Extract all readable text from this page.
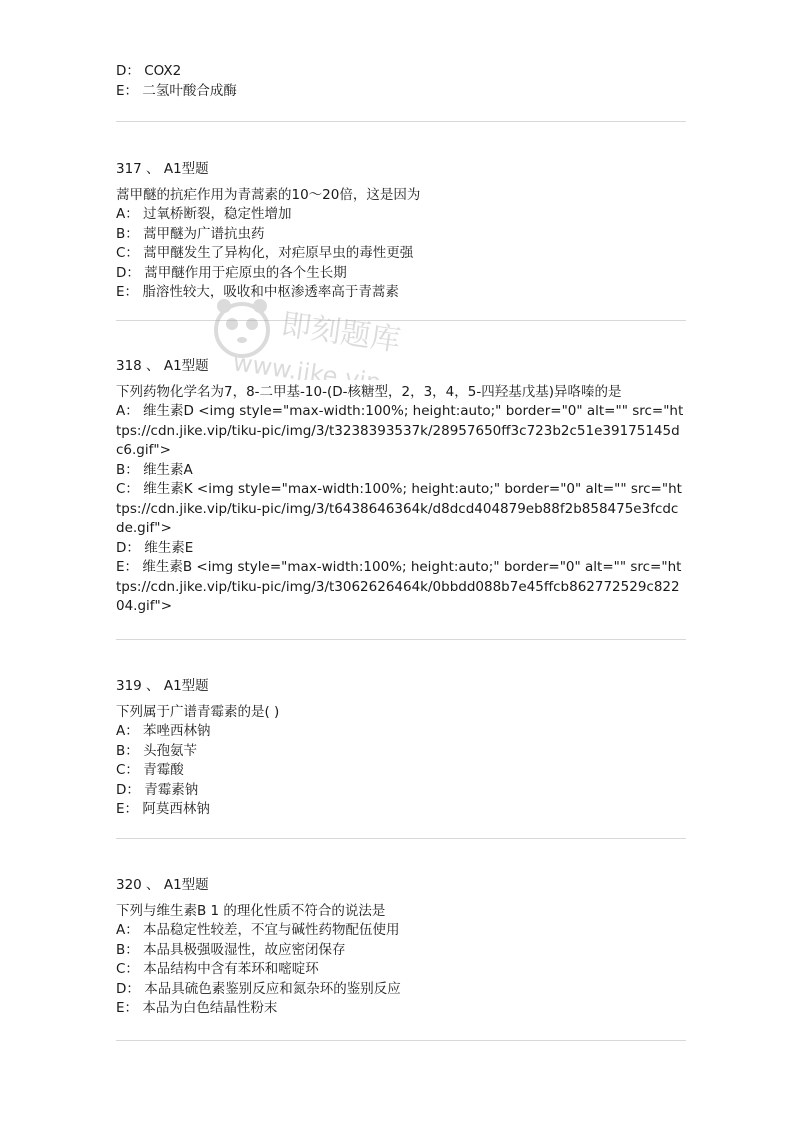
D： COX2
E： 二氢叶酸合成酶
317 、 A1型题
蒿甲醚的抗疟作用为青蒿素的10～20倍，这是因为
A： 过氧桥断裂，稳定性增加
B： 蒿甲醚为广谱抗虫药
C： 蒿甲醚发生了异构化，对疟原早虫的毒性更强
D： 蒿甲醚作用于疟原虫的各个生长期
E： 脂溶性较大，吸收和中枢渗透率高于青蒿素
318 、 A1型题
下列药物化学名为7，8-二甲基-10-(D-核糖型，2，3，4，5-四羟基戊基)异咯嗪的是
A： 维生素D <img style="max-width:100%; height:auto;" border="0" alt="" src="https://cdn.jike.vip/tiku-pic/img/3/t3238393537k/28957650ff3c723b2c51e39175145dc6.gif">
B： 维生素A
C： 维生素K <img style="max-width:100%; height:auto;" border="0" alt="" src="https://cdn.jike.vip/tiku-pic/img/3/t6438646364k/d8dcd404879eb88f2b858475e3fcdcde.gif">
D： 维生素E
E： 维生素B <img style="max-width:100%; height:auto;" border="0" alt="" src="https://cdn.jike.vip/tiku-pic/img/3/t3062626464k/0bbdd088b7e45ffcb862772529c82204.gif">
319 、 A1型题
下列属于广谱青霉素的是( )
A： 苯唑西林钠
B： 头孢氨苄
C： 青霉酸
D： 青霉素钠
E： 阿莫西林钠
320 、 A1型题
下列与维生素B 1 的理化性质不符合的说法是
A： 本品稳定性较差，不宜与碱性药物配伍使用
B： 本品具极强吸湿性，故应密闭保存
C： 本品结构中含有苯环和嘧啶环
D： 本品具硫色素鉴别反应和氮杂环的鉴别反应
E： 本品为白色结晶性粉末
即刻题库
www.jike.vip
